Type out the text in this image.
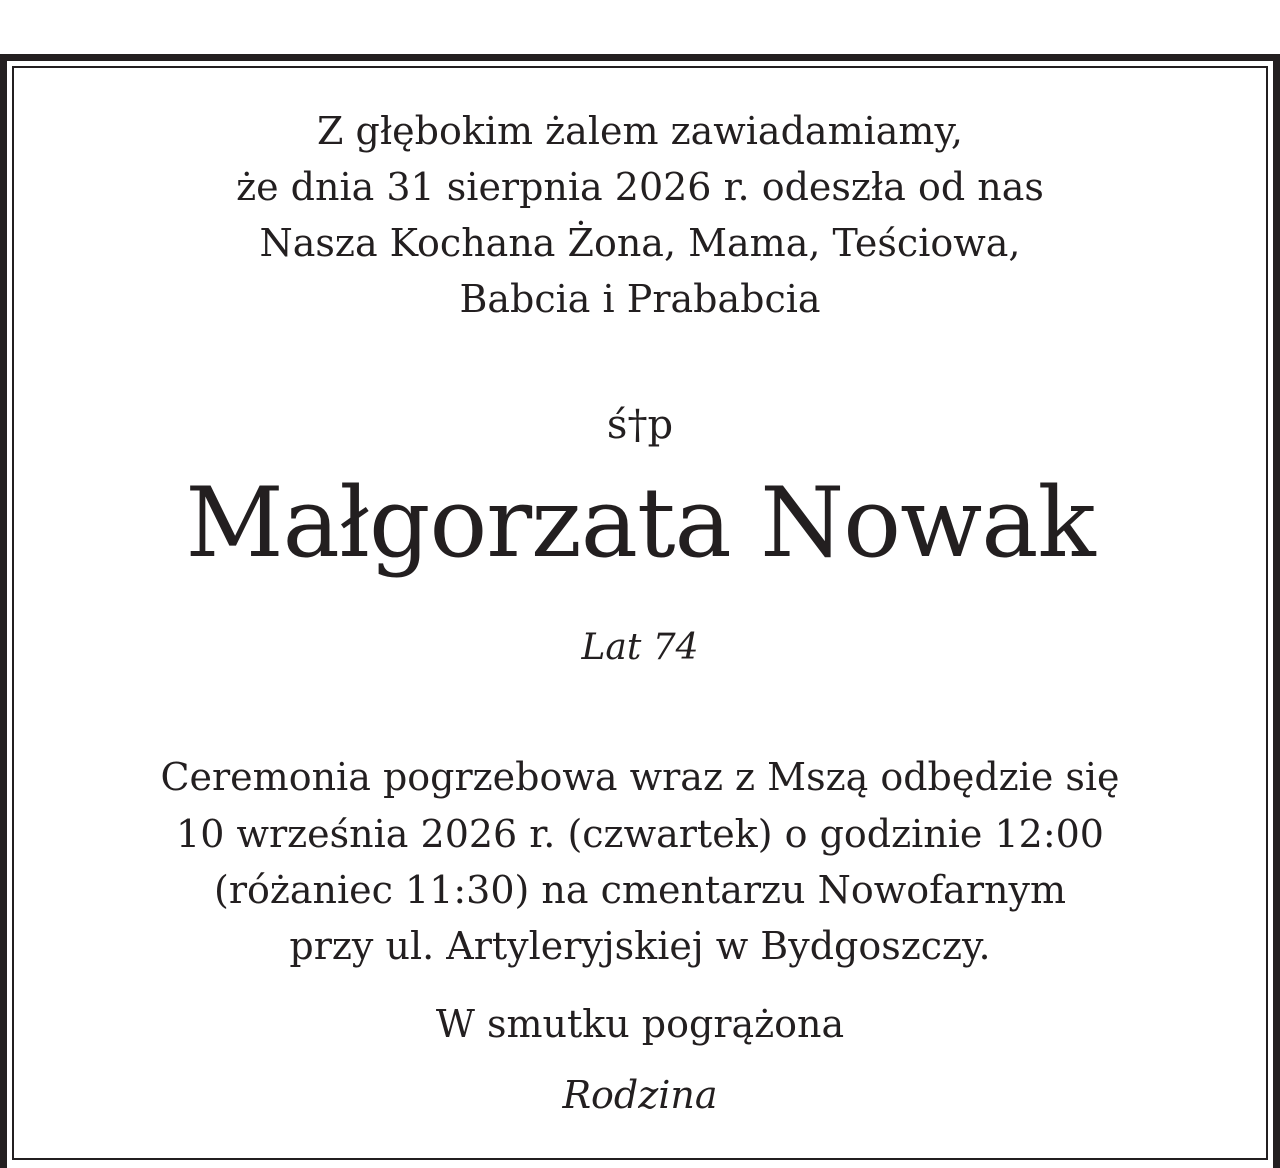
Z głębokim żalem zawiadamiamy,
że dnia 31 sierpnia 2026 r. odeszła od nas
Nasza Kochana Żona, Mama, Teściowa,
Babcia i Prababcia
ś†p
Małgorzata Nowak
Lat 74
Ceremonia pogrzebowa wraz z Mszą odbędzie się
10 września 2026 r. (czwartek) o godzinie 12:00
(różaniec 11:30) na cmentarzu Nowofarnym
przy ul. Artyleryjskiej w Bydgoszczy.
W smutku pogrążona
Rodzina
